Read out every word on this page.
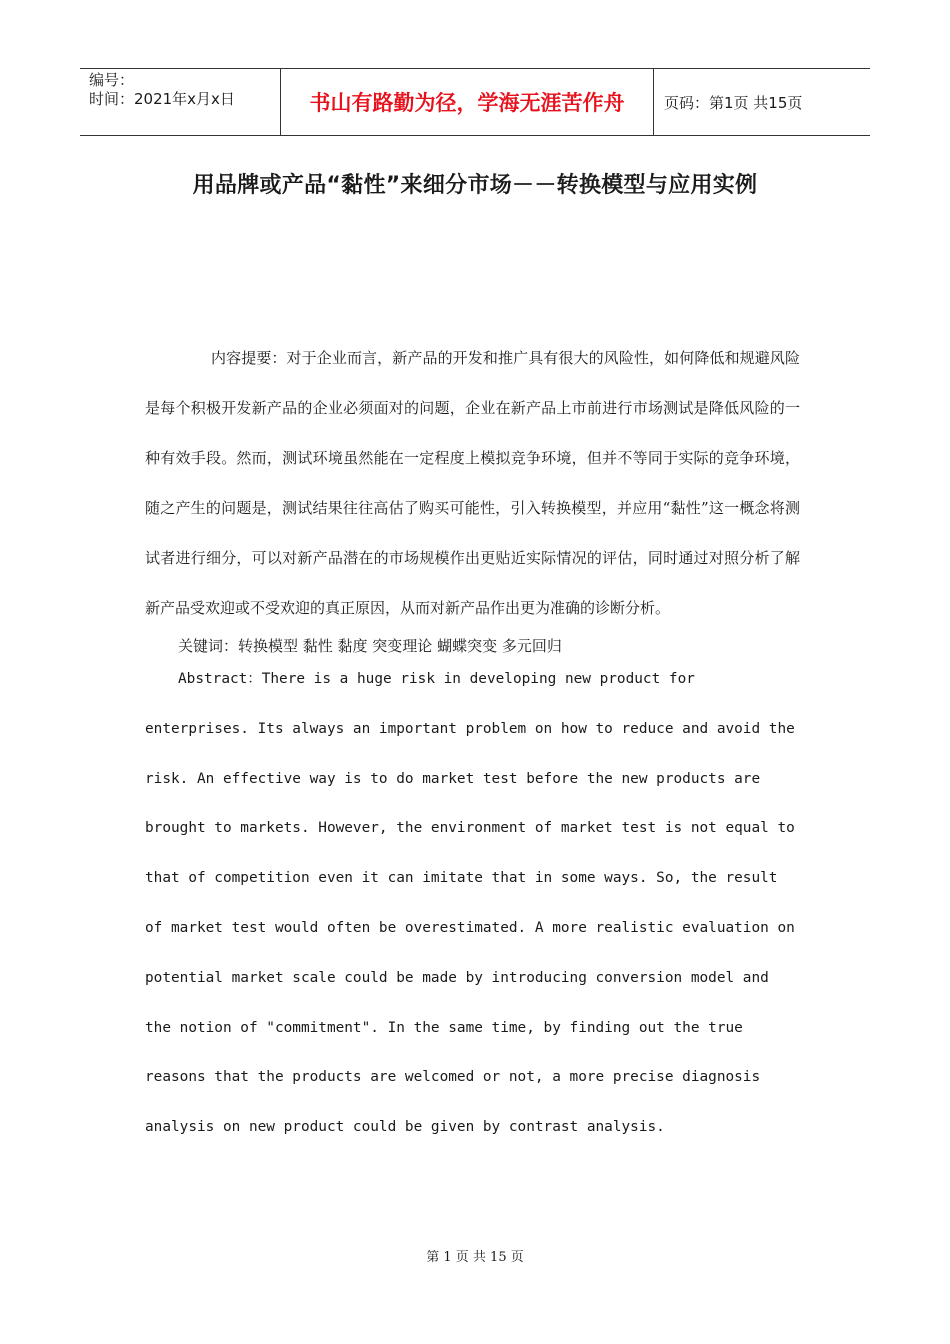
编号：
时间：2021年x月x日	书山有路勤为径，学海无涯苦作舟	页码：第1页 共15页
用品牌或产品“黏性”来细分市场－－转换模型与应用实例

内容提要：对于企业而言，新产品的开发和推广具有很大的风险性，如何降低和规避风险是每个积极开发新产品的企业必须面对的问题，企业在新产品上市前进行市场测试是降低风险的一种有效手段。然而，测试环境虽然能在一定程度上模拟竞争环境，但并不等同于实际的竞争环境，随之产生的问题是，测试结果往往高估了购买可能性，引入转换模型，并应用“黏性”这一概念将测试者进行细分，可以对新产品潜在的市场规模作出更贴近实际情况的评估，同时通过对照分析了解新产品受欢迎或不受欢迎的真正原因，从而对新产品作出更为准确的诊断分析。

关键词：转换模型 黏性 黏度 突变理论 蝴蝶突变 多元回归

Abstract：There is a huge risk in developing new product for enterprises. Its always an important problem on how to reduce and avoid the risk. An effective way is to do market test before the new products are brought to markets. However, the environment of market test is not equal to that of competition even it can imitate that in some ways. So, the result of market test would often be overestimated. A more realistic evaluation on potential market scale could be made by introducing conversion model and the notion of "commitment". In the same time, by finding out the true reasons that the products are welcomed or not, a more precise diagnosis analysis on new product could be given by contrast analysis.

第 1 页 共 15 页
